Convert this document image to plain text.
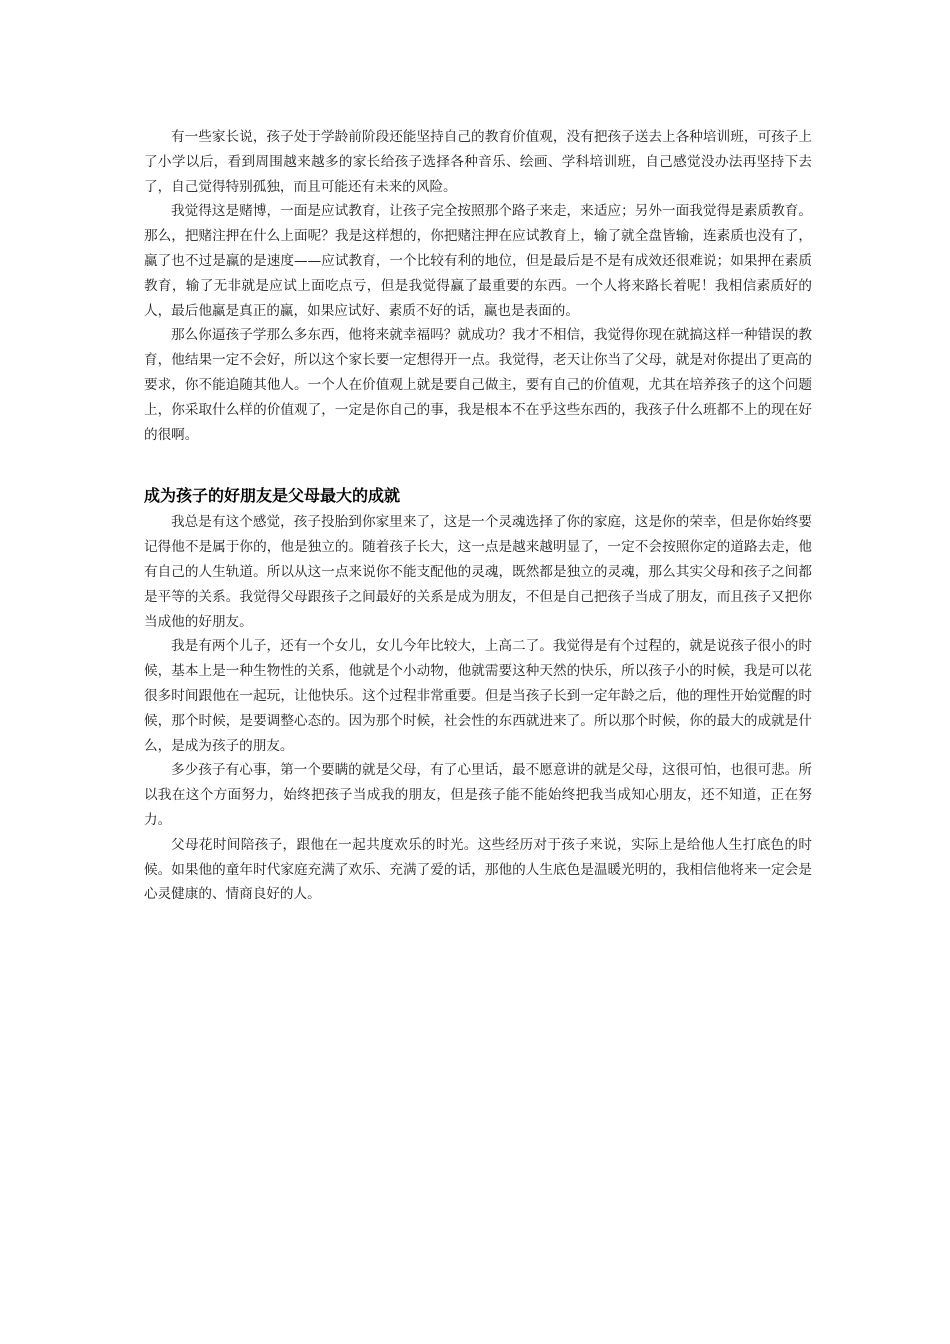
有一些家长说，孩子处于学龄前阶段还能坚持自己的教育价值观，没有把孩子送去上各种培训班，可孩子上了小学以后，看到周围越来越多的家长给孩子选择各种音乐、绘画、学科培训班，自己感觉没办法再坚持下去了，自己觉得特别孤独，而且可能还有未来的风险。

我觉得这是赌博，一面是应试教育，让孩子完全按照那个路子来走，来适应；另外一面我觉得是素质教育。那么，把赌注押在什么上面呢？我是这样想的，你把赌注押在应试教育上，输了就全盘皆输，连素质也没有了，赢了也不过是赢的是速度——应试教育，一个比较有利的地位，但是最后是不是有成效还很难说；如果押在素质教育，输了无非就是应试上面吃点亏，但是我觉得赢了最重要的东西。一个人将来路长着呢！我相信素质好的人，最后他赢是真正的赢，如果应试好、素质不好的话，赢也是表面的。

那么你逼孩子学那么多东西，他将来就幸福吗？就成功？我才不相信，我觉得你现在就搞这样一种错误的教育，他结果一定不会好，所以这个家长要一定想得开一点。我觉得，老天让你当了父母，就是对你提出了更高的要求，你不能追随其他人。一个人在价值观上就是要自己做主，要有自己的价值观，尤其在培养孩子的这个问题上，你采取什么样的价值观了，一定是你自己的事，我是根本不在乎这些东西的，我孩子什么班都不上的现在好的很啊。

成为孩子的好朋友是父母最大的成就

我总是有这个感觉，孩子投胎到你家里来了，这是一个灵魂选择了你的家庭，这是你的荣幸，但是你始终要记得他不是属于你的，他是独立的。随着孩子长大，这一点是越来越明显了，一定不会按照你定的道路去走，他有自己的人生轨道。所以从这一点来说你不能支配他的灵魂，既然都是独立的灵魂，那么其实父母和孩子之间都是平等的关系。我觉得父母跟孩子之间最好的关系是成为朋友，不但是自己把孩子当成了朋友，而且孩子又把你当成他的好朋友。

我是有两个儿子，还有一个女儿，女儿今年比较大，上高二了。我觉得是有个过程的，就是说孩子很小的时候，基本上是一种生物性的关系，他就是个小动物，他就需要这种天然的快乐，所以孩子小的时候，我是可以花很多时间跟他在一起玩，让他快乐。这个过程非常重要。但是当孩子长到一定年龄之后，他的理性开始觉醒的时候，那个时候，是要调整心态的。因为那个时候，社会性的东西就进来了。所以那个时候，你的最大的成就是什么，是成为孩子的朋友。

多少孩子有心事，第一个要瞒的就是父母，有了心里话，最不愿意讲的就是父母，这很可怕，也很可悲。所以我在这个方面努力，始终把孩子当成我的朋友，但是孩子能不能始终把我当成知心朋友，还不知道，正在努力。

父母花时间陪孩子，跟他在一起共度欢乐的时光。这些经历对于孩子来说，实际上是给他人生打底色的时候。如果他的童年时代家庭充满了欢乐、充满了爱的话，那他的人生底色是温暖光明的，我相信他将来一定会是心灵健康的、情商良好的人。
